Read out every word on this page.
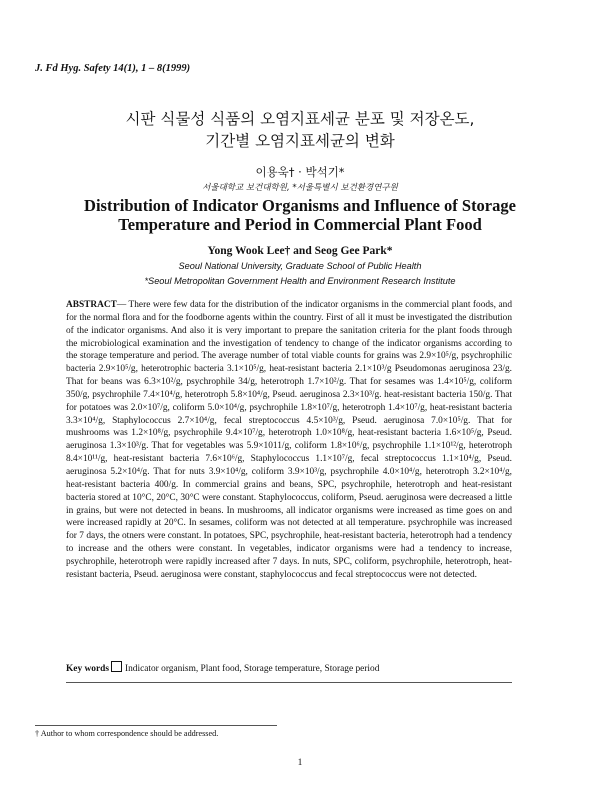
J. Fd Hyg. Safety 14(1), 1 – 8(1999)
시판 식물성 식품의 오염지표세균 분포 및 저장온도,
기간별 오염지표세균의 변화
이용욱† · 박석기*
서울대학교 보건대학원, *서울특별시 보건환경연구원
Distribution of Indicator Organisms and Influence of Storage
Temperature and Period in Commercial Plant Food
Yong Wook Lee† and Seog Gee Park*
Seoul National University, Graduate School of Public Health
*Seoul Metropolitan Government Health and Environment Research Institute
ABSTRACT— There were few data for the distribution of the indicator organisms in the commercial plant foods, and for the normal flora and for the foodborne agents within the country. First of all it must be investigated the distribution of the indicator organisms. And also it is very important to prepare the sanitation criteria for the plant foods through the microbiological examination and the investigation of tendency to change of the indicator organisms according to the storage temperature and period. The average number of total viable counts for grains was 2.9×10⁵/g, psychrophilic bacteria 2.9×10⁵/g, heterotrophic bacteria 3.1×10⁵/g, heat-resistant bacteria 2.1×10³/g Pseudomonas aeruginosa 23/g. That for beans was 6.3×10²/g, psychrophile 34/g, heterotroph 1.7×10²/g. That for sesames was 1.4×10⁵/g, coliform 350/g, psychrophile 7.4×10⁴/g, heterotroph 5.8×10⁴/g, Pseud. aeruginosa 2.3×10³/g. heat-resistant bacteria 150/g. That for potatoes was 2.0×10⁷/g, coliform 5.0×10⁴/g, psychrophile 1.8×10⁷/g, heterotroph 1.4×10⁷/g, heat-resistant bacteria 3.3×10⁴/g, Staphylococcus 2.7×10⁴/g, fecal streptococcus 4.5×10³/g, Pseud. aeruginosa 7.0×10⁵/g. That for mushrooms was 1.2×10⁸/g, psychrophile 9.4×10⁷/g, heterotroph 1.0×10⁸/g, heat-resistant bacteria 1.6×10⁵/g, Pseud. aeruginosa 1.3×10³/g. That for vegetables was 5.9×1011/g, coliform 1.8×10⁶/g, psychrophile 1.1×10¹²/g, heterotroph 8.4×10¹¹/g, heat-resistant bacteria 7.6×10⁶/g, Staphylococcus 1.1×10⁷/g, fecal streptococcus 1.1×10⁴/g, Pseud. aeruginosa 5.2×10⁴/g. That for nuts 3.9×10⁴/g, coliform 3.9×10³/g, psychrophile 4.0×10⁴/g, heterotroph 3.2×10⁴/g, heat-resistant bacteria 400/g. In commercial grains and beans, SPC, psychrophile, heterotroph and heat-resistant bacteria stored at 10°C, 20°C, 30°C were constant. Staphylococcus, coliform, Pseud. aeruginosa were decreased a little in grains, but were not detected in beans. In mushrooms, all indicator organisms were increased as time goes on and were increased rapidly at 20°C. In sesames, coliform was not detected at all temperature. psychrophile was increased for 7 days, the otners were constant. In potatoes, SPC, psychrophile, heat-resistant bacteria, heterotroph had a tendency to increase and the others were constant. In vegetables, indicator organisms were had a tendency to increase, psychrophile, heterotroph were rapidly increased after 7 days. In nuts, SPC, coliform, psychrophile, heterotroph, heat-resistant bacteria, Pseud. aeruginosa were constant, staphylococcus and fecal streptococcus were not detected.
Key words Indicator organism, Plant food, Storage temperature, Storage period
† Author to whom correspondence should be addressed.
1
